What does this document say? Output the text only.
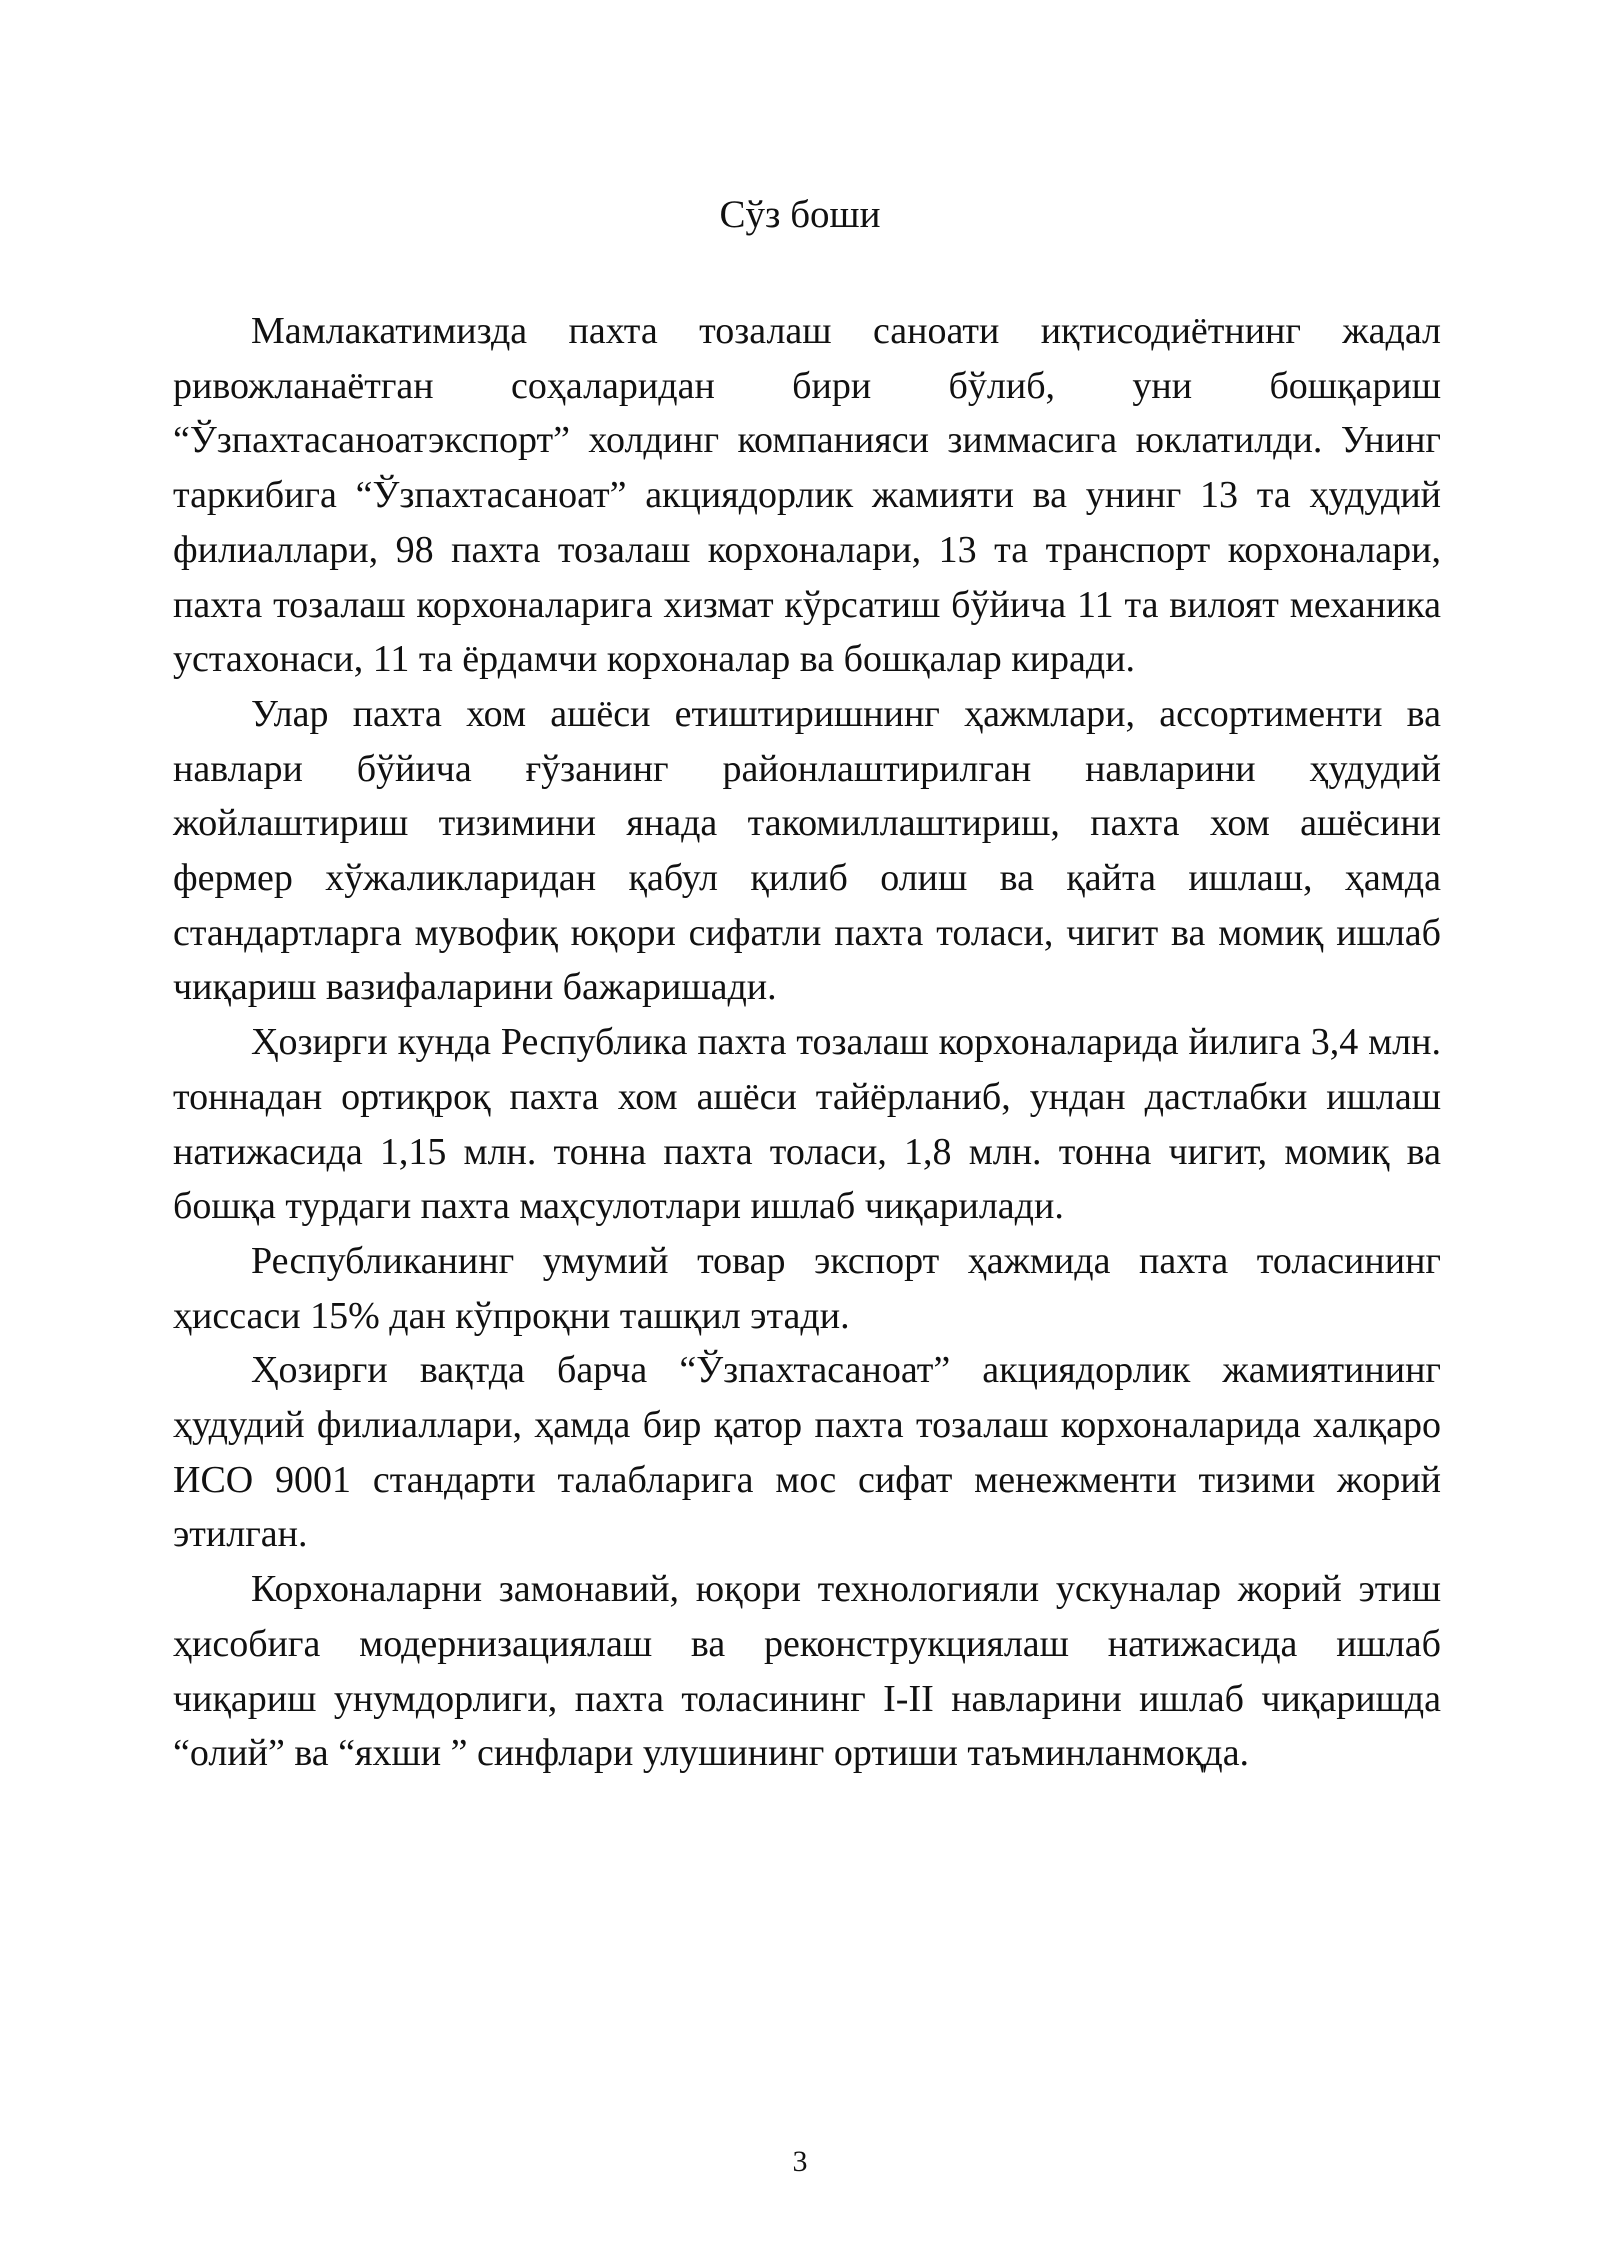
Сўз боши

Мамлакатимизда пахта тозалаш саноати иқтисодиётнинг жадал ривожланаётган соҳаларидан бири бўлиб, уни бошқариш “Ўзпахтасаноатэкспорт” холдинг компанияси зиммасига юклатилди. Унинг таркибига “Ўзпахтасаноат” акциядорлик жамияти ва унинг 13 та ҳудудий филиаллари, 98 пахта тозалаш корхоналари, 13 та транспорт корхоналари, пахта тозалаш корхоналарига хизмат кўрсатиш бўйича 11 та вилоят механика устахонаси, 11 та ёрдамчи корхоналар ва бошқалар киради.

Улар пахта хом ашёси етиштиришнинг ҳажмлари, ассортименти ва навлари бўйича ғўзанинг районлаштирилган навларини ҳудудий жойлаштириш тизимини янада такомиллаштириш, пахта хом ашёсини фермер хўжаликларидан қабул қилиб олиш ва қайта ишлаш, ҳамда стандартларга мувофиқ юқори сифатли пахта толаси, чигит ва момиқ ишлаб чиқариш вазифаларини бажаришади.

Ҳозирги кунда Республика пахта тозалаш корхоналарида йилига 3,4 млн. тоннадан ортиқроқ пахта хом ашёси тайёрланиб, ундан дастлабки ишлаш натижасида 1,15 млн. тонна пахта толаси, 1,8 млн. тонна чигит, момиқ ва бошқа турдаги пахта маҳсулотлари ишлаб чиқарилади.

Республиканинг умумий товар экспорт ҳажмида пахта толасининг ҳиссаси 15% дан кўпроқни ташқил этади.

Ҳозирги вақтда барча “Ўзпахтасаноат” акциядорлик жамиятининг ҳудудий филиаллари, ҳамда бир қатор пахта тозалаш корхоналарида халқаро ИСО 9001 стандарти талабларига мос сифат менежменти тизими жорий этилган.

Корхоналарни замонавий, юқори технологияли ускуналар жорий этиш ҳисобига модернизациялаш ва реконструкциялаш натижасида ишлаб чиқариш унумдорлиги, пахта толасининг I-II навларини ишлаб чиқаришда “олий” ва “яхши ” синфлари улушининг ортиши таъминланмоқда.

3
